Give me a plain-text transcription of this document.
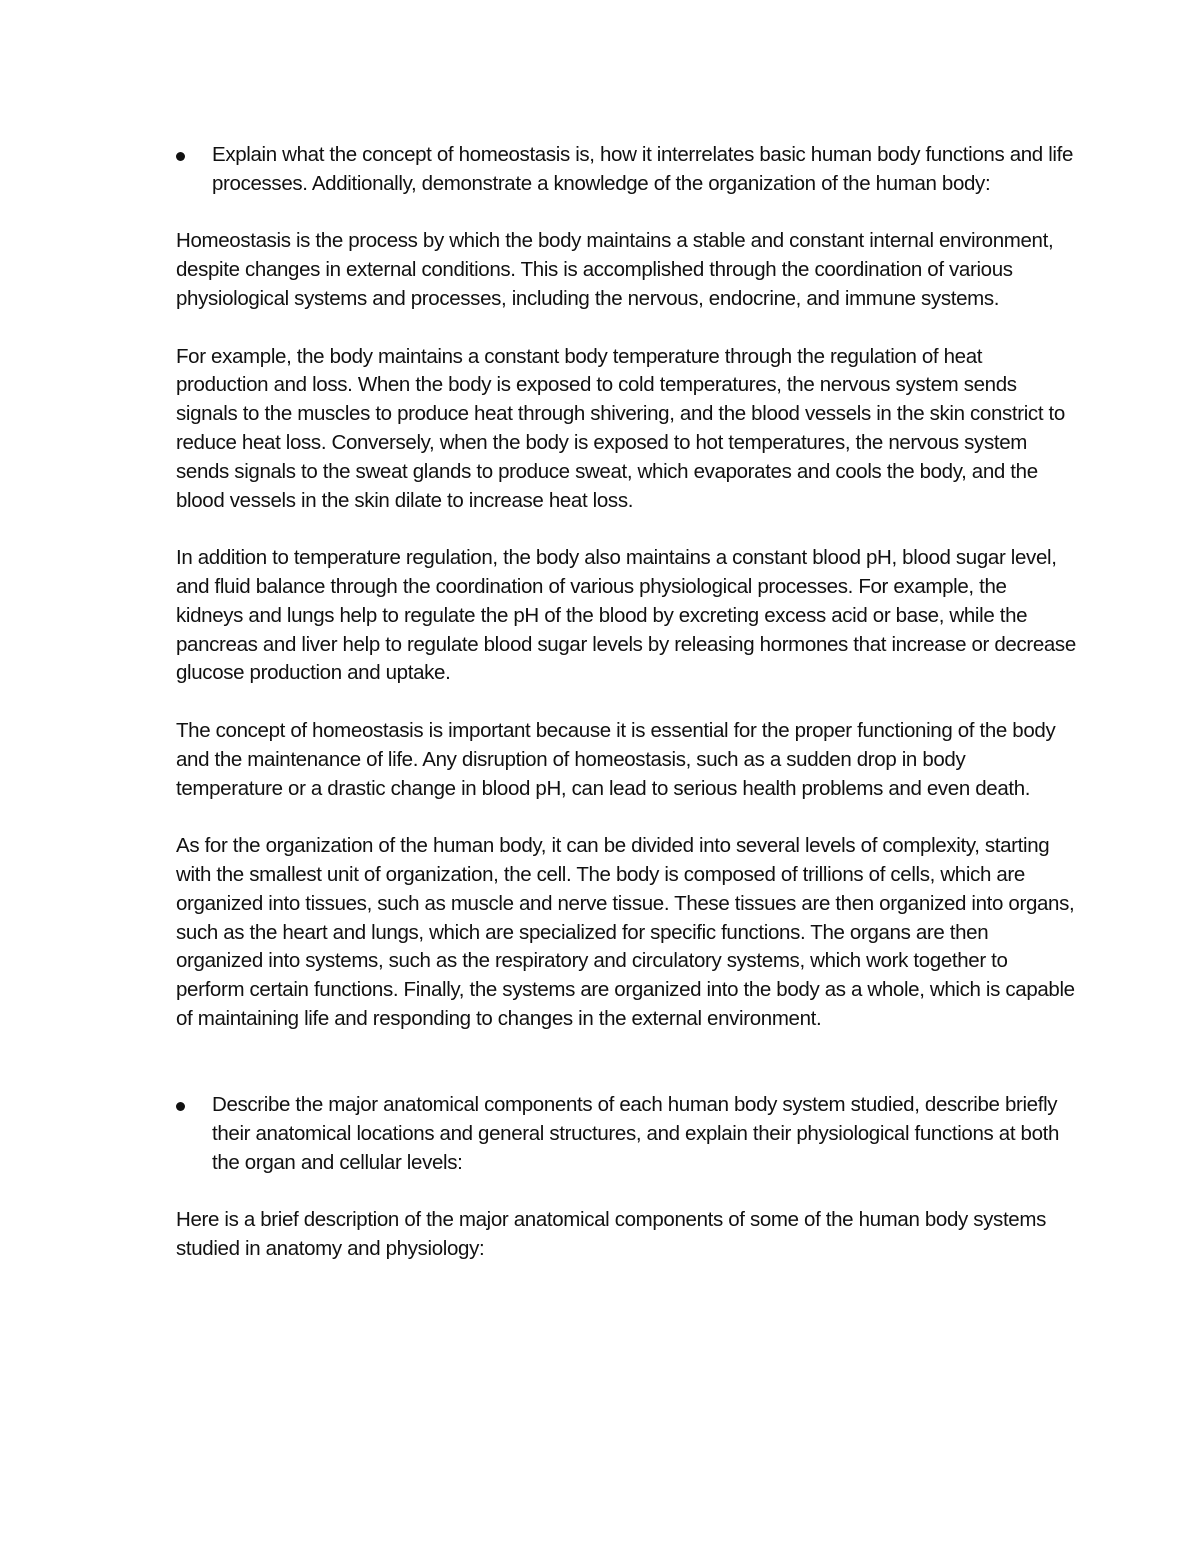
Explain what the concept of homeostasis is, how it interrelates basic human body functions and life processes. Additionally, demonstrate a knowledge of the organization of the human body:

Homeostasis is the process by which the body maintains a stable and constant internal environment, despite changes in external conditions. This is accomplished through the coordination of various physiological systems and processes, including the nervous, endocrine, and immune systems.

For example, the body maintains a constant body temperature through the regulation of heat production and loss. When the body is exposed to cold temperatures, the nervous system sends signals to the muscles to produce heat through shivering, and the blood vessels in the skin constrict to reduce heat loss. Conversely, when the body is exposed to hot temperatures, the nervous system sends signals to the sweat glands to produce sweat, which evaporates and cools the body, and the blood vessels in the skin dilate to increase heat loss.

In addition to temperature regulation, the body also maintains a constant blood pH, blood sugar level, and fluid balance through the coordination of various physiological processes. For example, the kidneys and lungs help to regulate the pH of the blood by excreting excess acid or base, while the pancreas and liver help to regulate blood sugar levels by releasing hormones that increase or decrease glucose production and uptake.

The concept of homeostasis is important because it is essential for the proper functioning of the body and the maintenance of life. Any disruption of homeostasis, such as a sudden drop in body temperature or a drastic change in blood pH, can lead to serious health problems and even death.

As for the organization of the human body, it can be divided into several levels of complexity, starting with the smallest unit of organization, the cell. The body is composed of trillions of cells, which are organized into tissues, such as muscle and nerve tissue. These tissues are then organized into organs, such as the heart and lungs, which are specialized for specific functions. The organs are then organized into systems, such as the respiratory and circulatory systems, which work together to perform certain functions. Finally, the systems are organized into the body as a whole, which is capable of maintaining life and responding to changes in the external environment.

Describe the major anatomical components of each human body system studied, describe briefly their anatomical locations and general structures, and explain their physiological functions at both the organ and cellular levels:

Here is a brief description of the major anatomical components of some of the human body systems studied in anatomy and physiology:
